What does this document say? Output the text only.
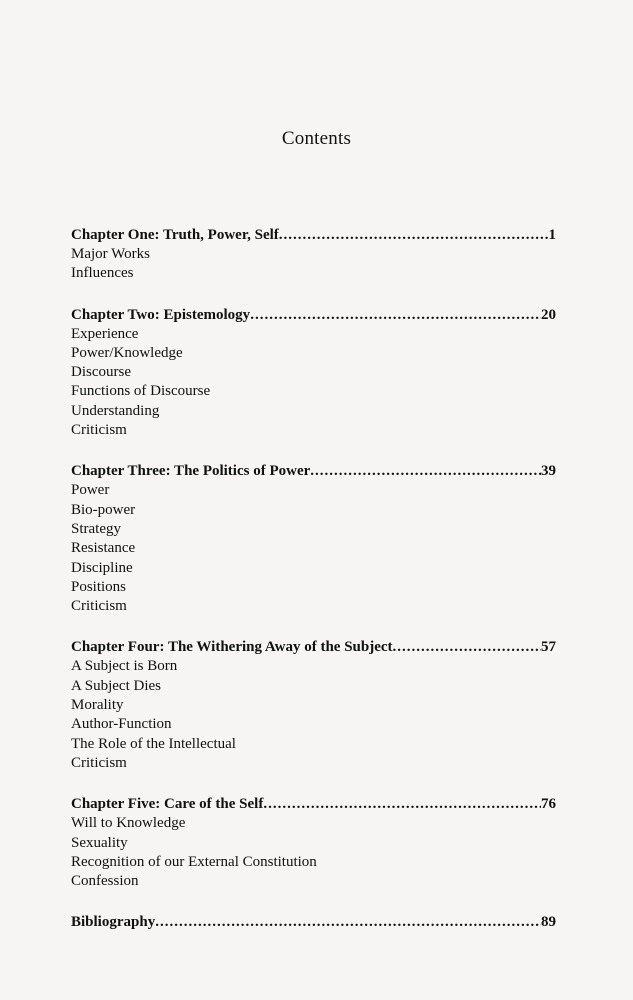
Contents
Chapter One: Truth, Power, Self .....	1
Major Works
Influences
Chapter Two: Epistemology .....	20
Experience
Power/Knowledge
Discourse
Functions of Discourse
Understanding
Criticism
Chapter Three: The Politics of Power .....	39
Power
Bio-power
Strategy
Resistance
Discipline
Positions
Criticism
Chapter Four: The Withering Away of the Subject .....	57
A Subject is Born
A Subject Dies
Morality
Author-Function
The Role of the Intellectual
Criticism
Chapter Five: Care of the Self .....	76
Will to Knowledge
Sexuality
Recognition of our External Constitution
Confession
Bibliography .....	89
